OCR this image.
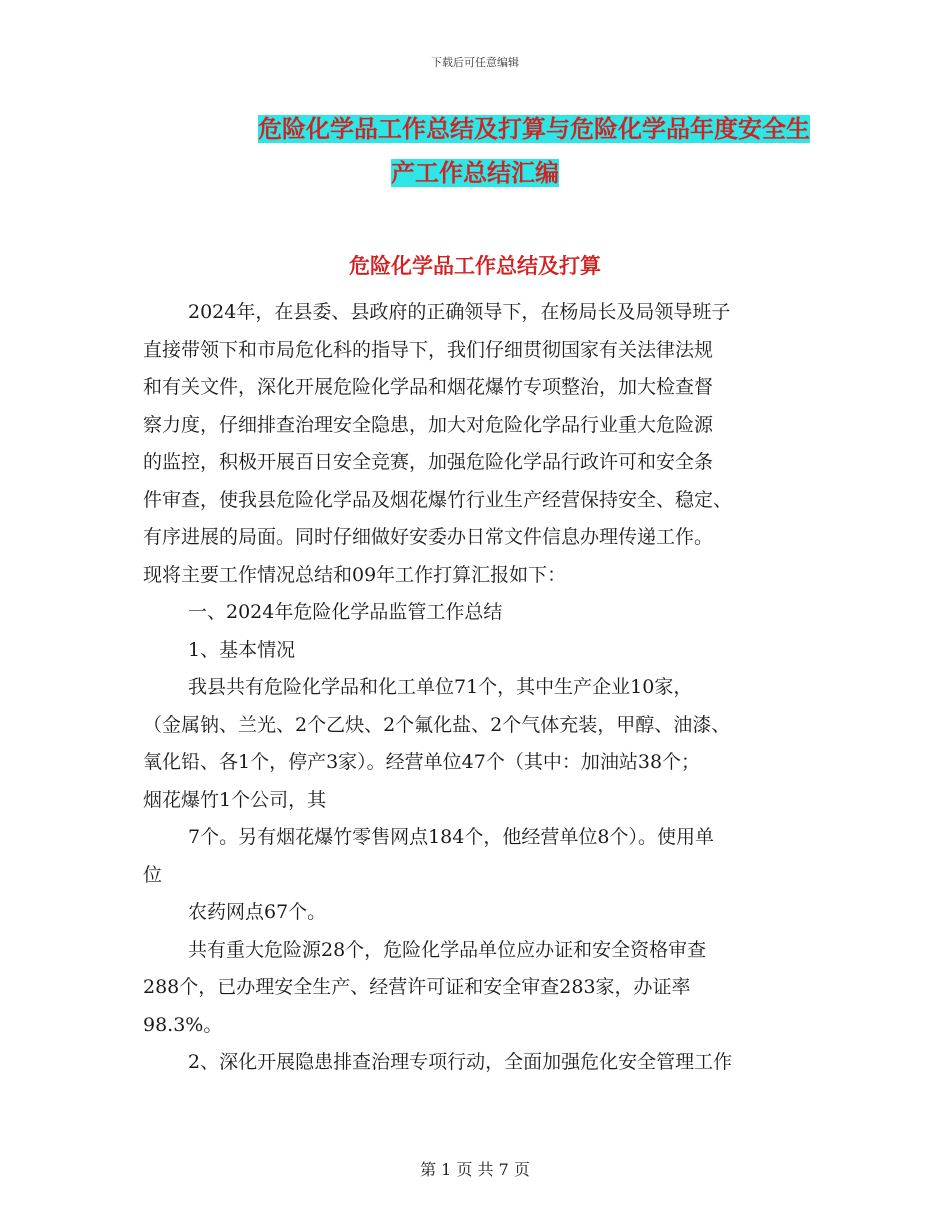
下载后可任意编辑
危险化学品工作总结及打算与危险化学品年度安全生
产工作总结汇编
危险化学品工作总结及打算

2024年，在县委、县政府的正确领导下，在杨局长及局领导班子

直接带领下和市局危化科的指导下，我们仔细贯彻国家有关法律法规

和有关文件，深化开展危险化学品和烟花爆竹专项整治，加大检查督

察力度，仔细排查治理安全隐患，加大对危险化学品行业重大危险源

的监控，积极开展百日安全竞赛，加强危险化学品行政许可和安全条

件审查，使我县危险化学品及烟花爆竹行业生产经营保持安全、稳定、

有序进展的局面。同时仔细做好安委办日常文件信息办理传递工作。

现将主要工作情况总结和09年工作打算汇报如下：

一、2024年危险化学品监管工作总结

1、基本情况

我县共有危险化学品和化工单位71个，其中生产企业10家，

（金属钠、兰光、2个乙炔、2个氟化盐、2个气体充装，甲醇、油漆、

氧化铅、各1个，停产3家）。经营单位47个（其中：加油站38个；

烟花爆竹1个公司，其

7个。另有烟花爆竹零售网点184个，他经营单位8个）。使用单

位

农药网点67个。

共有重大危险源28个，危险化学品单位应办证和安全资格审查

288个，已办理安全生产、经营许可证和安全审查283家，办证率

98.3%。

2、深化开展隐患排查治理专项行动，全面加强危化安全管理工作

第 1 页 共 7 页
